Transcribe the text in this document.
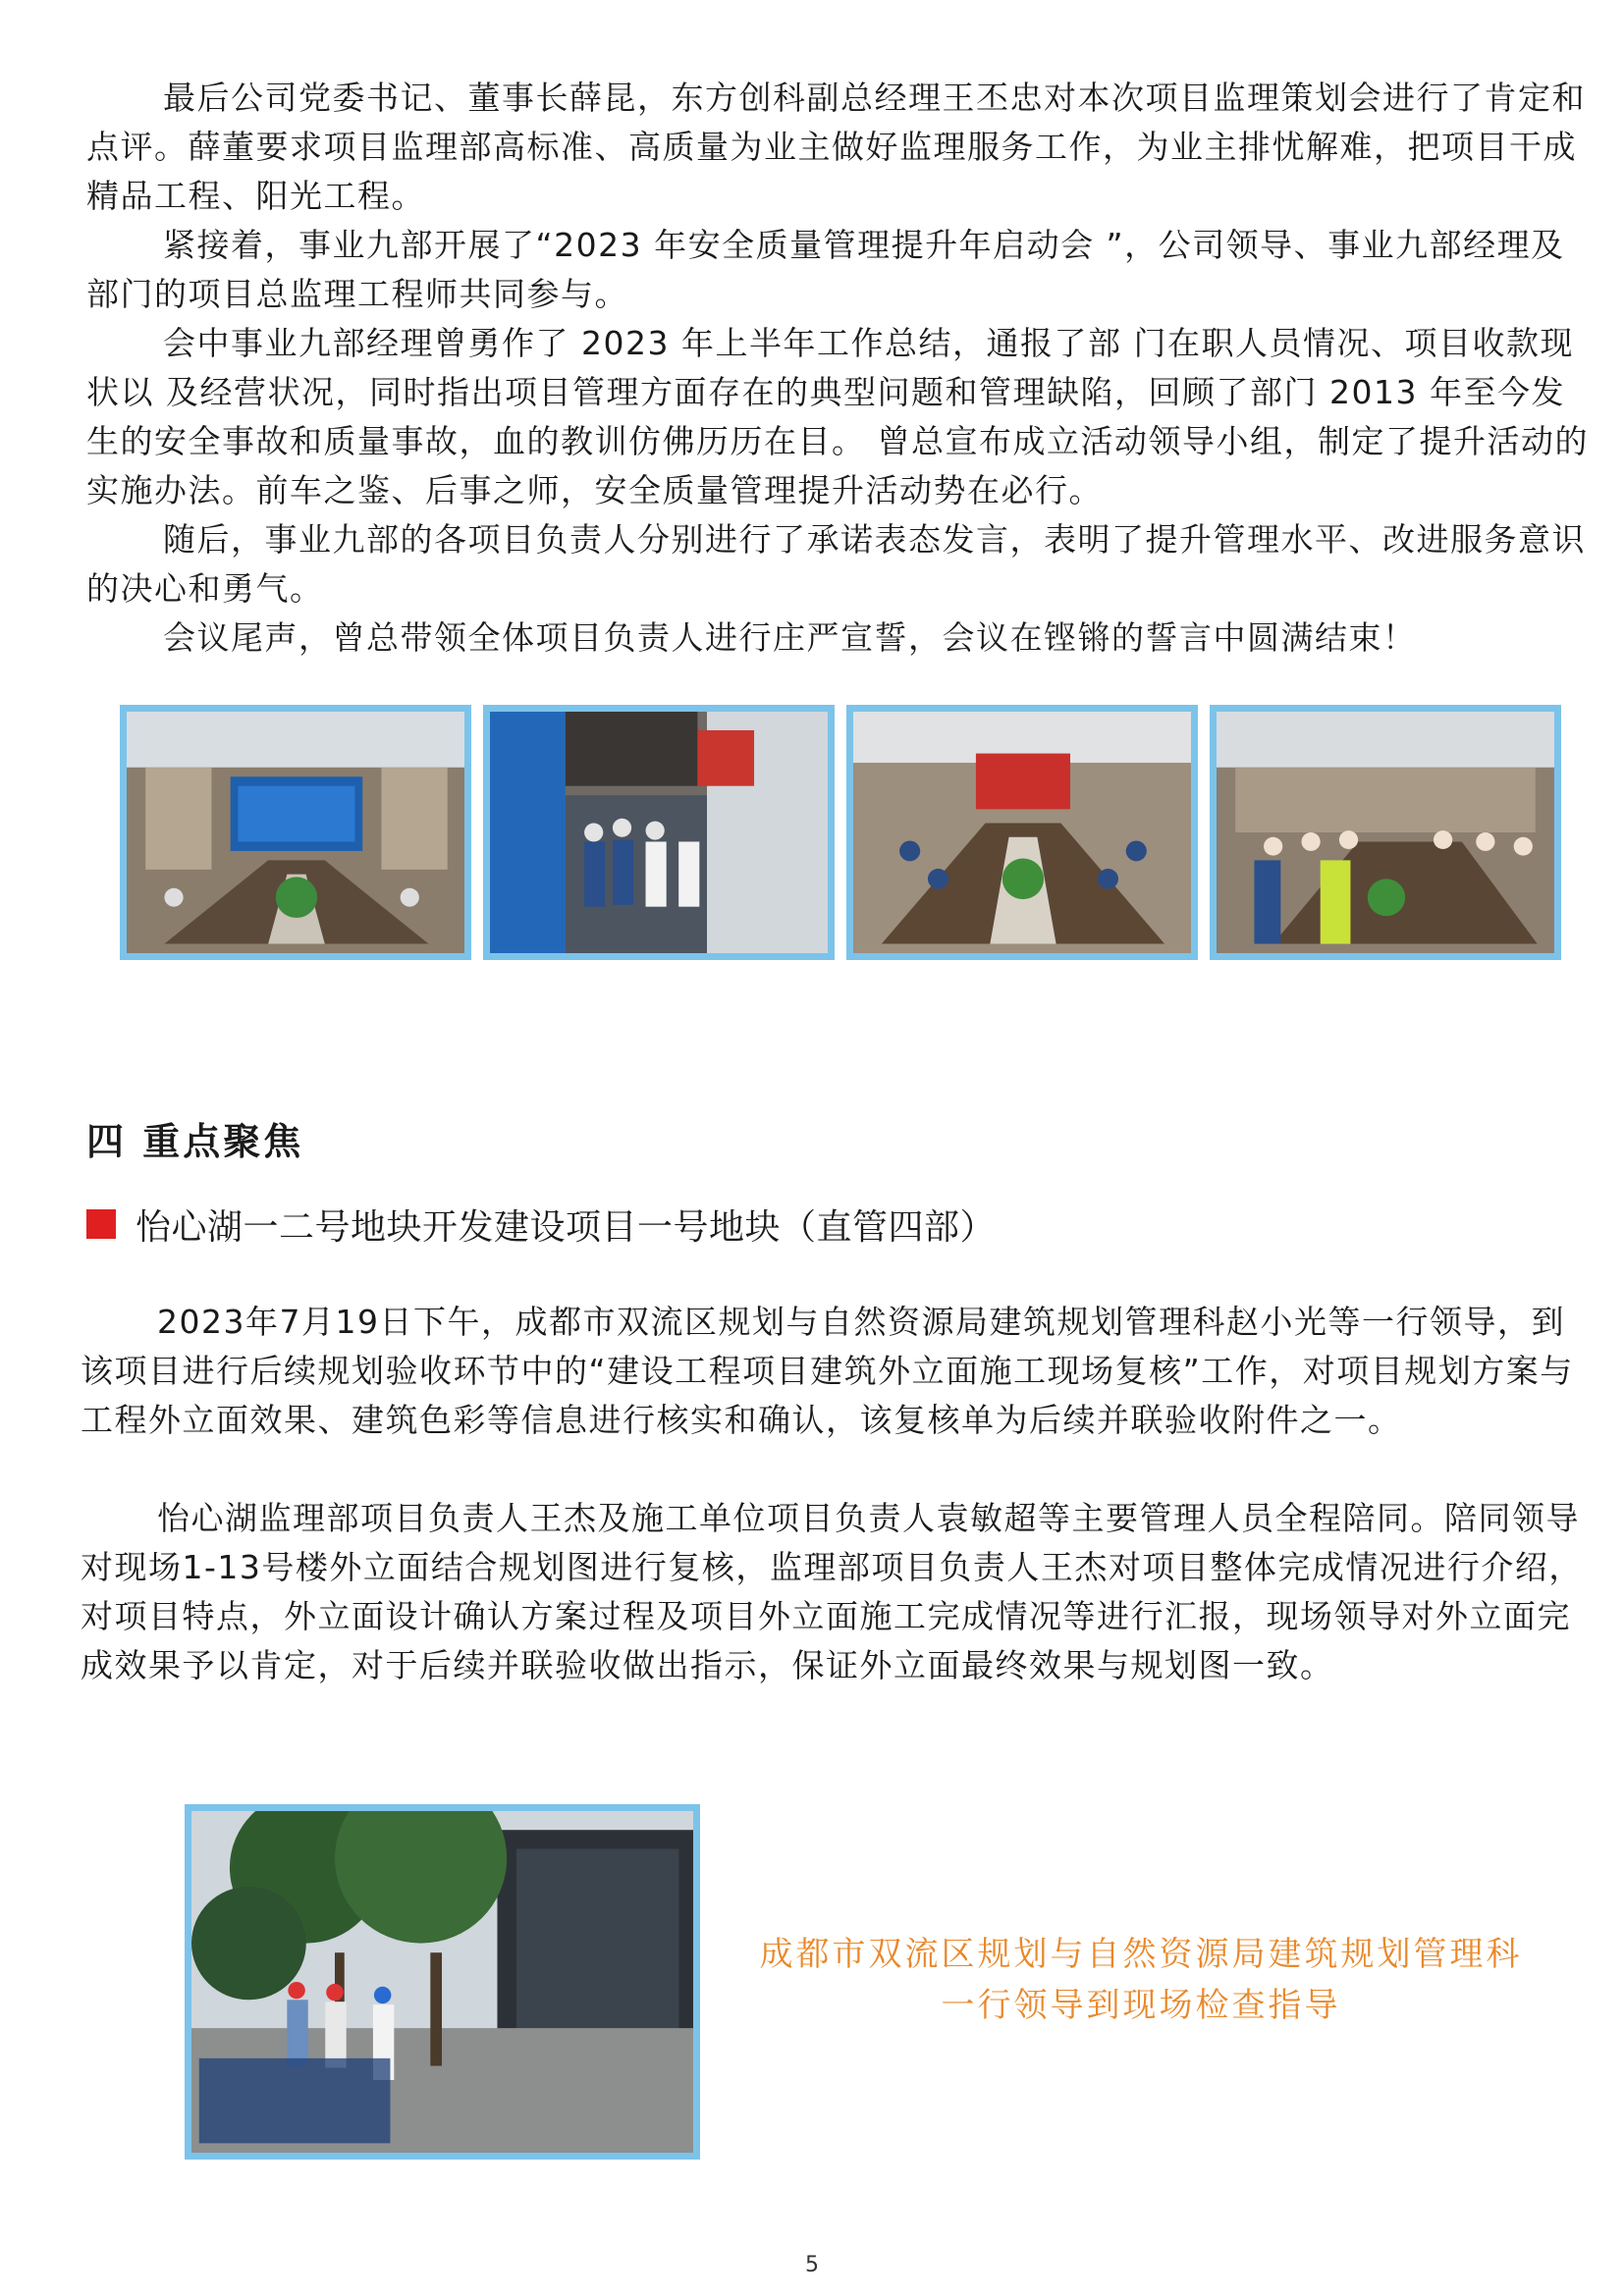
最后公司党委书记、董事长薛昆，东方创科副总经理王丕忠对本次项目监理策划会进行了肯定和点评。薛董要求项目监理部高标准、高质量为业主做好监理服务工作，为业主排忧解难，把项目干成精品工程、阳光工程。

紧接着，事业九部开展了“2023 年安全质量管理提升年启动会 ”，公司领导、事业九部经理及部门的项目总监理工程师共同参与。

会中事业九部经理曾勇作了 2023 年上半年工作总结，通报了部 门在职人员情况、项目收款现状以 及经营状况，同时指出项目管理方面存在的典型问题和管理缺陷，回顾了部门 2013 年至今发生的安全事故和质量事故，血的教训仿佛历历在目。 曾总宣布成立活动领导小组，制定了提升活动的实施办法。前车之鉴、后事之师，安全质量管理提升活动势在必行。

随后，事业九部的各项目负责人分别进行了承诺表态发言，表明了提升管理水平、改进服务意识的决心和勇气。

会议尾声，曾总带领全体项目负责人进行庄严宣誓，会议在铿锵的誓言中圆满结束！

四 重点聚焦
怡心湖一二号地块开发建设项目一号地块（直管四部）

2023年7月19日下午，成都市双流区规划与自然资源局建筑规划管理科赵小光等一行领导，到该项目进行后续规划验收环节中的“建设工程项目建筑外立面施工现场复核”工作，对项目规划方案与工程外立面效果、建筑色彩等信息进行核实和确认，该复核单为后续并联验收附件之一。

怡心湖监理部项目负责人王杰及施工单位项目负责人袁敏超等主要管理人员全程陪同。陪同领导对现场1-13号楼外立面结合规划图进行复核，监理部项目负责人王杰对项目整体完成情况进行介绍，对项目特点，外立面设计确认方案过程及项目外立面施工完成情况等进行汇报，现场领导对外立面完成效果予以肯定，对于后续并联验收做出指示，保证外立面最终效果与规划图一致。

成都市双流区规划与自然资源局建筑规划管理科
一行领导到现场检查指导
5
